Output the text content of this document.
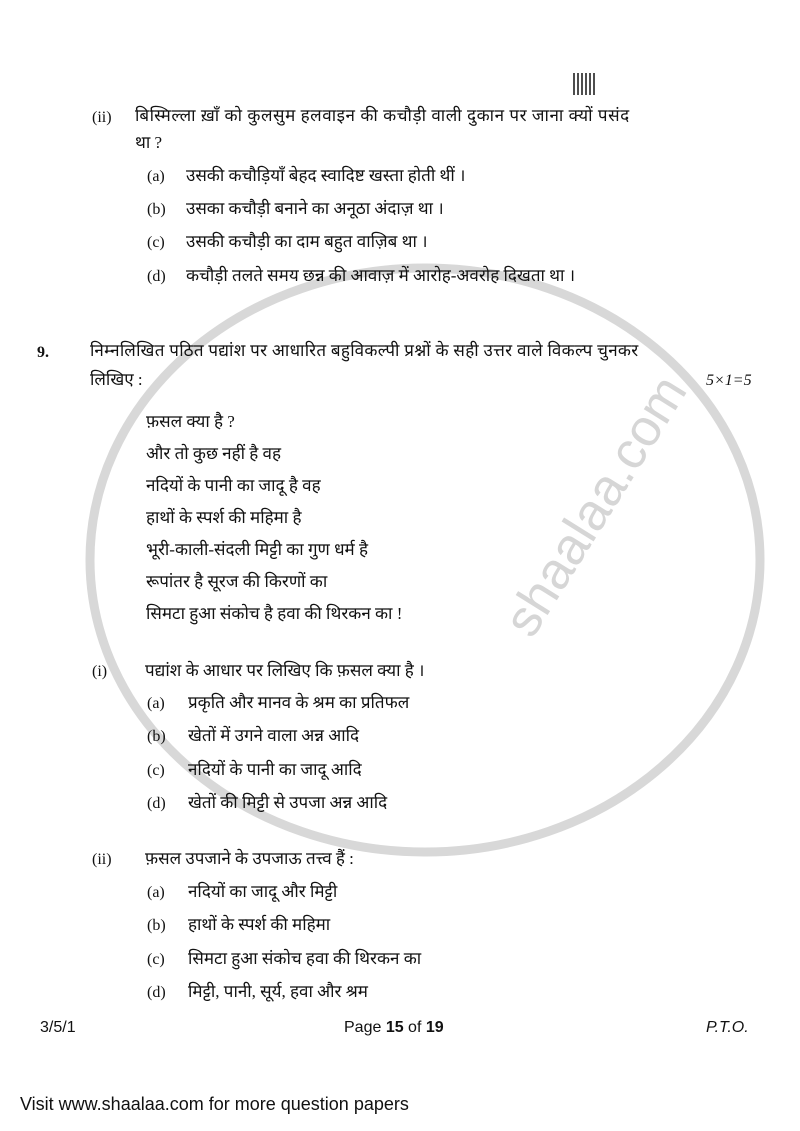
shaalaa.com
(ii) बिस्मिल्ला ख़ाँ को कुलसुम हलवाइन की कचौड़ी वाली दुकान पर जाना क्यों पसंद
था ?
(a) उसकी कचौड़ियाँ बेहद स्वादिष्ट खस्ता होती थीं ।
(b) उसका कचौड़ी बनाने का अनूठा अंदाज़ था ।
(c) उसकी कचौड़ी का दाम बहुत वाज़िब था ।
(d) कचौड़ी तलते समय छन्न की आवाज़ में आरोह-अवरोह दिखता था ।
9. निम्नलिखित पठित पद्यांश पर आधारित बहुविकल्पी प्रश्नों के सही उत्तर वाले विकल्प चुनकर
लिखिए :	5×1=5
फ़सल क्या है ?
और तो कुछ नहीं है वह
नदियों के पानी का जादू है वह
हाथों के स्पर्श की महिमा है
भूरी-काली-संदली मिट्टी का गुण धर्म है
रूपांतर है सूरज की किरणों का
सिमटा हुआ संकोच है हवा की थिरकन का !
(i) पद्यांश के आधार पर लिखिए कि फ़सल क्या है ।
(a) प्रकृति और मानव के श्रम का प्रतिफल
(b) खेतों में उगने वाला अन्न आदि
(c) नदियों के पानी का जादू आदि
(d) खेतों की मिट्टी से उपजा अन्न आदि
(ii) फ़सल उपजाने के उपजाऊ तत्त्व हैं :
(a) नदियों का जादू और मिट्टी
(b) हाथों के स्पर्श की महिमा
(c) सिमटा हुआ संकोच हवा की थिरकन का
(d) मिट्टी, पानी, सूर्य, हवा और श्रम
3/5/1	Page 15 of 19	P.T.O.
Visit www.shaalaa.com for more question papers
